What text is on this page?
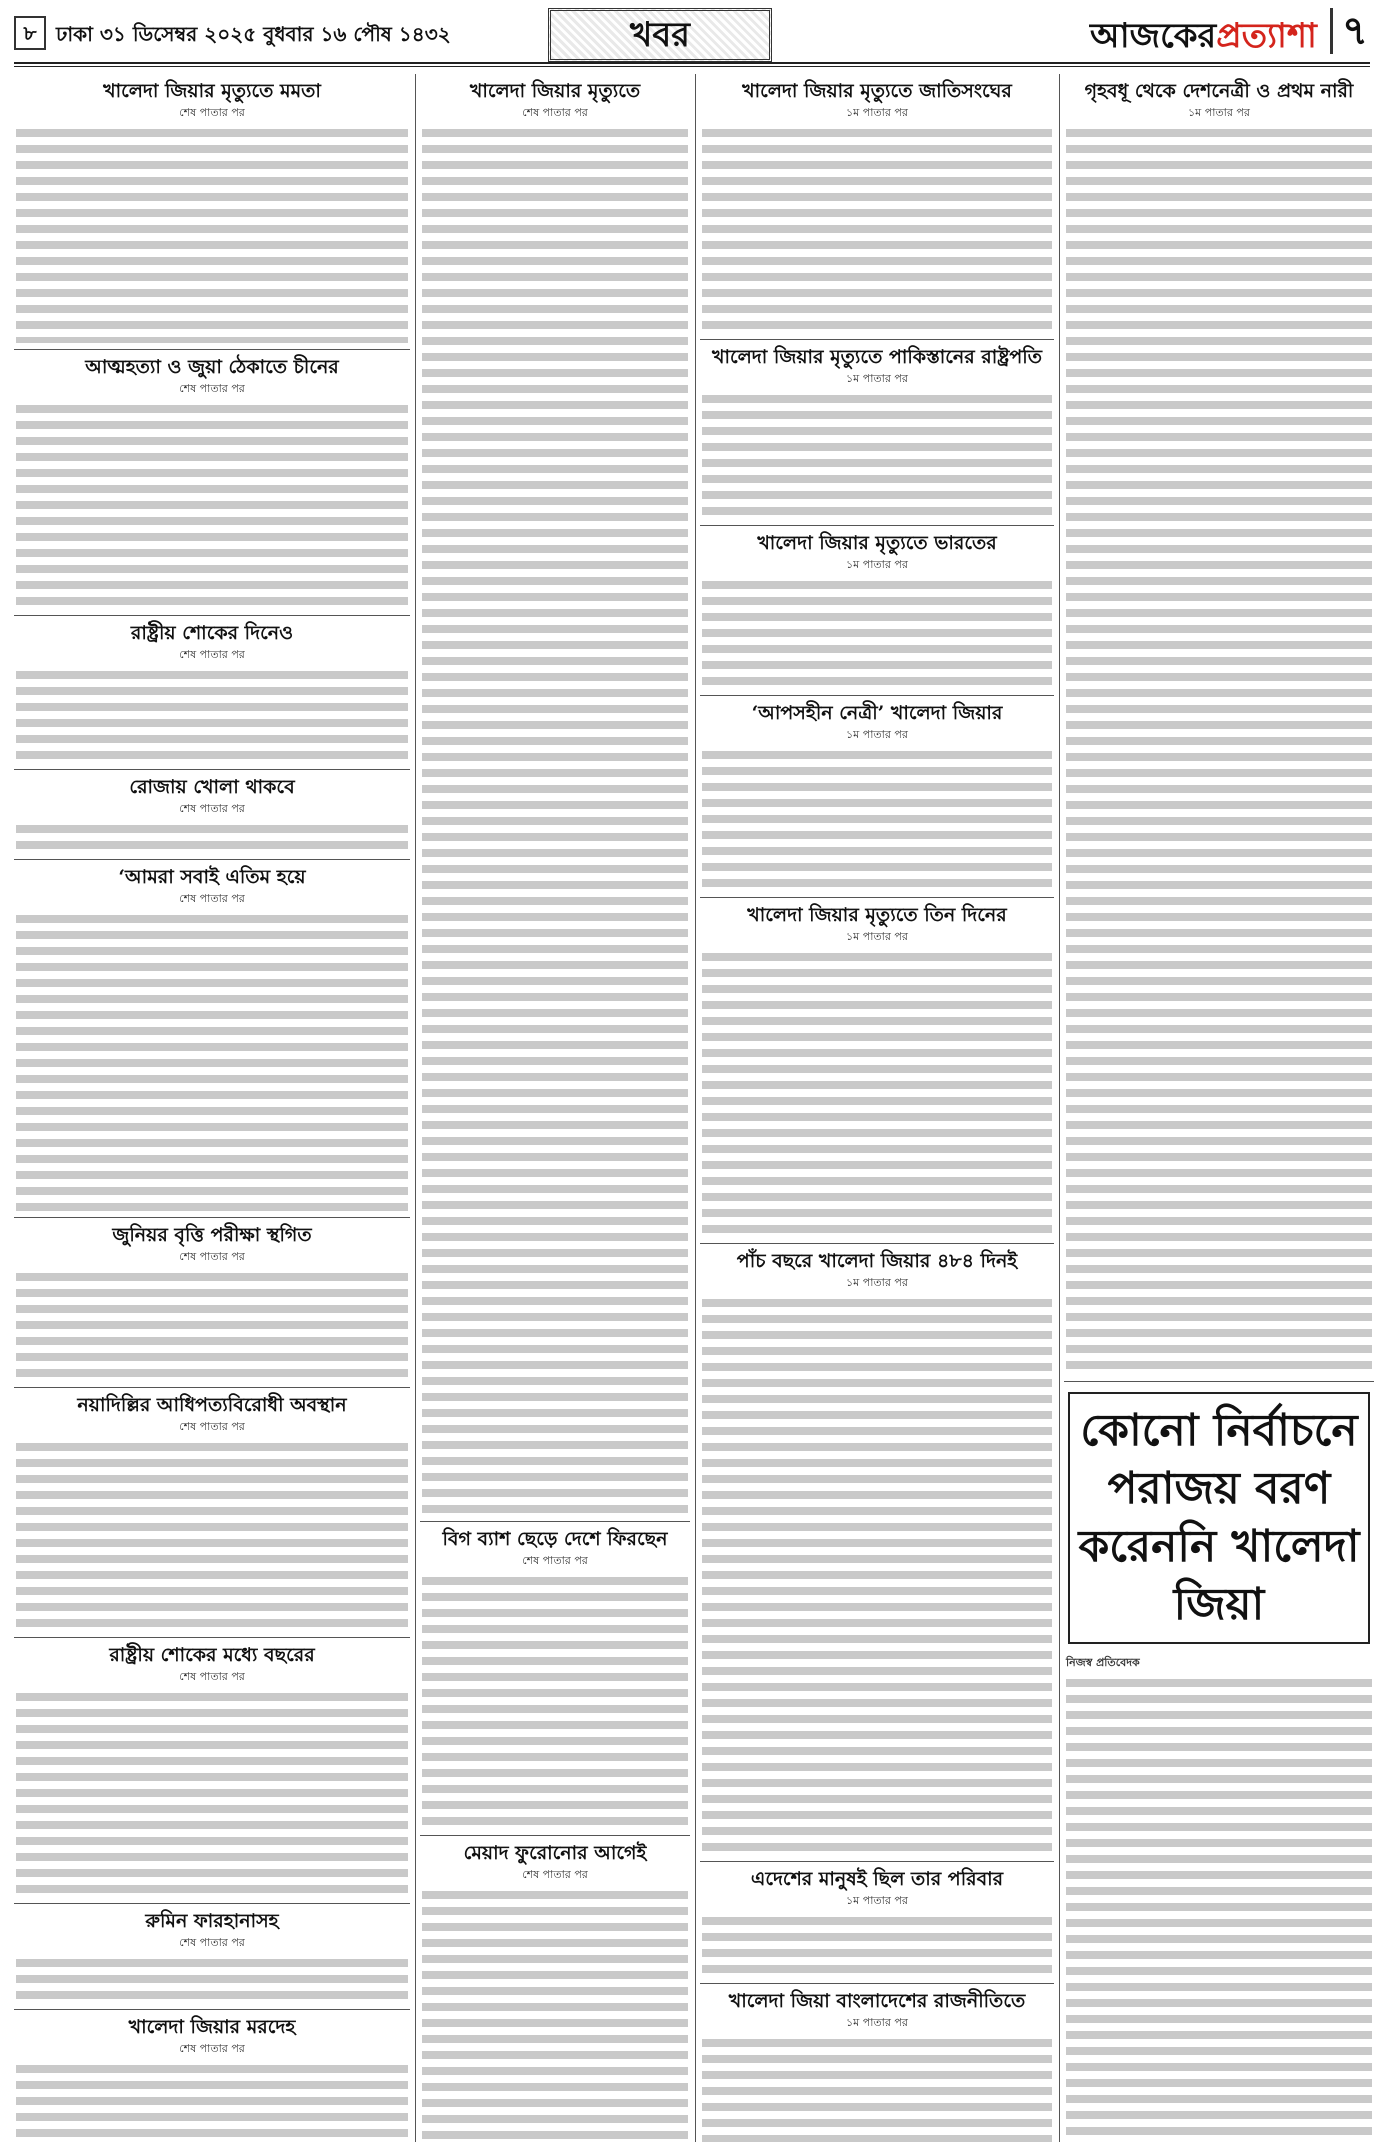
৮ ঢাকা ৩১ ডিসেম্বর ২০২৫ বুধবার ১৬ পৌষ ১৪৩২	খবর	আজকেরপ্রত্যাশা ৭
খালেদা জিয়ার মৃত্যুতে মমতা
শেষ পাতার পর
আত্মহত্যা ও জুয়া ঠেকাতে চীনের
শেষ পাতার পর
রাষ্ট্রীয় শোকের দিনেও
শেষ পাতার পর
রোজায় খোলা থাকবে
শেষ পাতার পর
‘আমরা সবাই এতিম হয়ে
শেষ পাতার পর
জুনিয়র বৃত্তি পরীক্ষা স্থগিত
শেষ পাতার পর
নয়াদিল্লির আধিপত্যবিরোধী অবস্থান
শেষ পাতার পর
রাষ্ট্রীয় শোকের মধ্যে বছরের
শেষ পাতার পর
রুমিন ফারহানাসহ
শেষ পাতার পর
খালেদা জিয়ার মরদেহ
শেষ পাতার পর
খালেদা জিয়ার মৃত্যুতে
শেষ পাতার পর
বিগ ব্যাশ ছেড়ে দেশে ফিরছেন
শেষ পাতার পর
মেয়াদ ফুরোনোর আগেই
শেষ পাতার পর
খালেদা জিয়ার মৃত্যুতে জাতিসংঘের
১ম পাতার পর
খালেদা জিয়ার মৃত্যুতে পাকিস্তানের রাষ্ট্রপতি
১ম পাতার পর
খালেদা জিয়ার মৃত্যুতে ভারতের
১ম পাতার পর
‘আপসহীন নেত্রী’ খালেদা জিয়ার
১ম পাতার পর
খালেদা জিয়ার মৃত্যুতে তিন দিনের
১ম পাতার পর
পাঁচ বছরে খালেদা জিয়ার ৪৮৪ দিনই
১ম পাতার পর
এদেশের মানুষই ছিল তার পরিবার
১ম পাতার পর
খালেদা জিয়া বাংলাদেশের রাজনীতিতে
১ম পাতার পর
গৃহবধূ থেকে দেশনেত্রী ও প্রথম নারী
১ম পাতার পর
কোনো নির্বাচনে পরাজয় বরণ করেননি খালেদা জিয়া
নিজস্ব প্রতিবেদক
